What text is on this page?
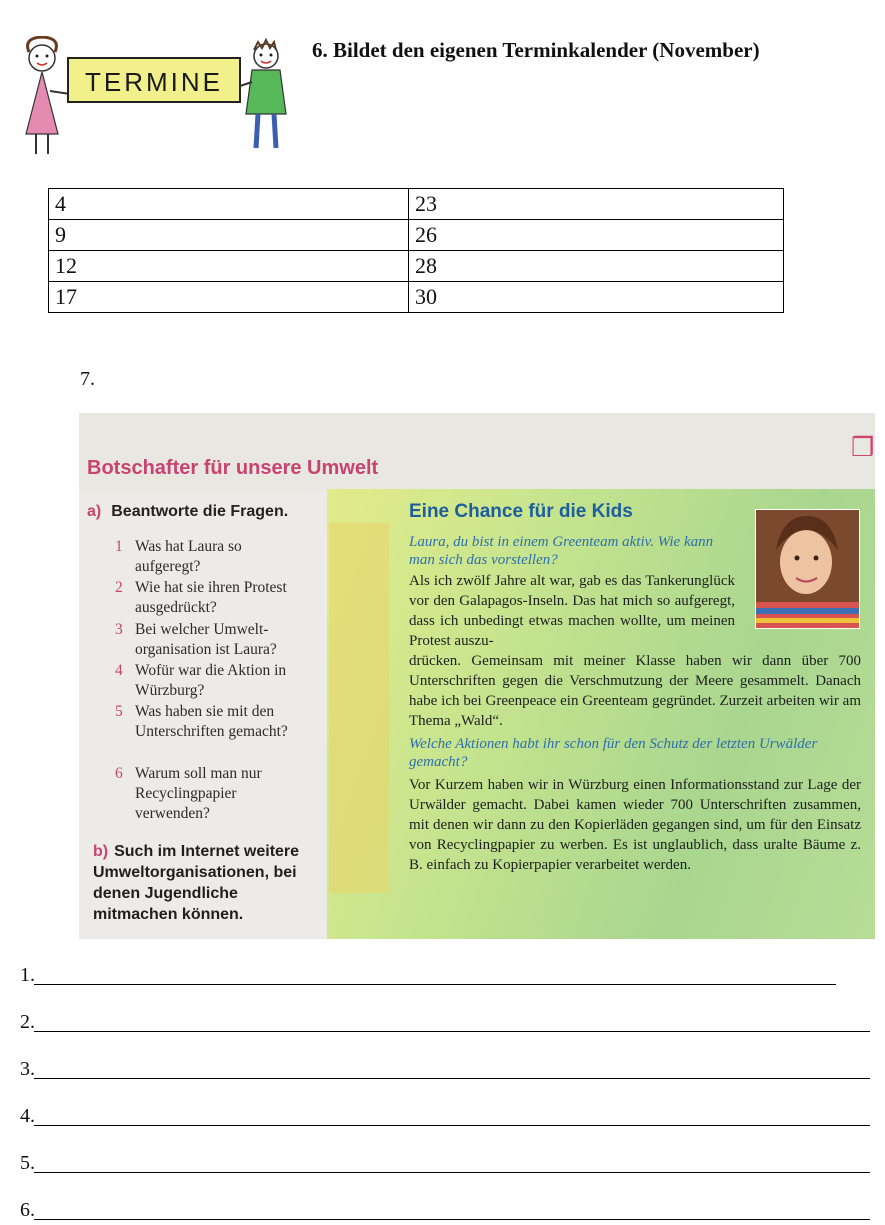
TERMINE
6. Bildet den eigenen Terminkalender (November)
4	23
9	26
12	28
17	30
7.
❒
Botschafter für unsere Umwelt
a) Beantworte die Fragen.
1 Was hat Laura so aufgeregt?
2 Wie hat sie ihren Protest ausgedrückt?
3 Bei welcher Umwelt-organisation ist Laura?
4 Wofür war die Aktion in Würzburg?
5 Was haben sie mit den Unterschriften gemacht?
6 Warum soll man nur Recyclingpapier verwenden?
b) Such im Internet weitere Umweltorganisationen, bei denen Jugendliche mitmachen können.
Eine Chance für die Kids
Laura, du bist in einem Greenteam aktiv. Wie kann man sich das vorstellen?
Als ich zwölf Jahre alt war, gab es das Tankerunglück vor den Galapagos-Inseln. Das hat mich so aufgeregt, dass ich unbedingt etwas machen wollte, um meinen Protest auszu-
drücken. Gemeinsam mit meiner Klasse haben wir dann über 700 Unterschriften gegen die Verschmutzung der Meere gesammelt. Danach habe ich bei Greenpeace ein Greenteam gegründet. Zurzeit arbeiten wir am Thema „Wald“.
Welche Aktionen habt ihr schon für den Schutz der letzten Urwälder gemacht?
Vor Kurzem haben wir in Würzburg einen Informationsstand zur Lage der Urwälder gemacht. Dabei kamen wieder 700 Unterschriften zusammen, mit denen wir dann zu den Kopierläden gegangen sind, um für den Einsatz von Recyclingpapier zu werben. Es ist unglaublich, dass uralte Bäume z. B. einfach zu Kopierpapier verarbeitet werden.
1.
2.
3.
4.
5.
6.
